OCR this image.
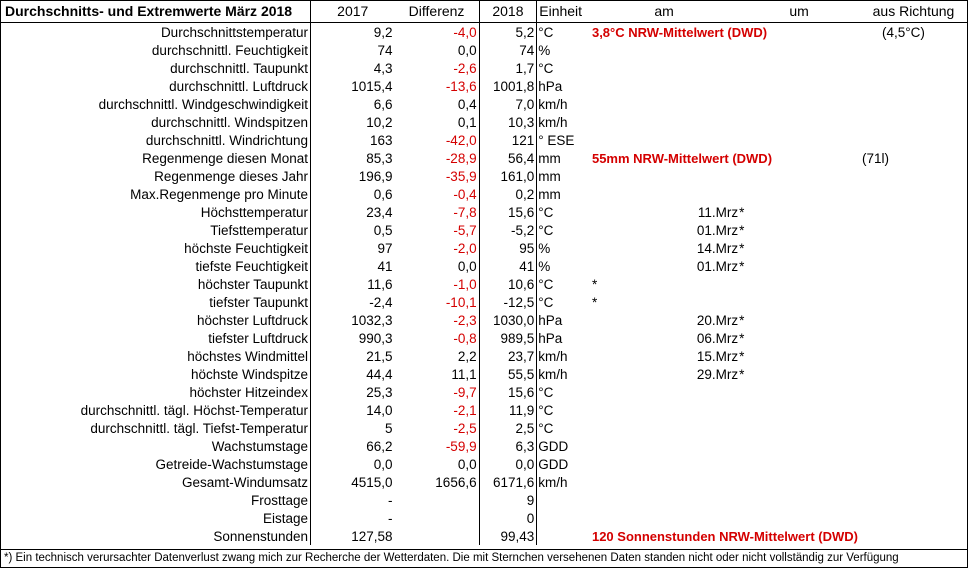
Durchschnitts- und Extremwerte März 2018	2017	Differenz	2018	Einheit	am	um	aus Richtung
Durchschnittstemperatur	9,2	-4,0	5,2	°C	3,8°C NRW-Mittelwert (DWD)		(4,5°C)
durchschnittl. Feuchtigkeit	74	0,0	74	%			
durchschnittl. Taupunkt	4,3	-2,6	1,7	°C			
durchschnittl. Luftdruck	1015,4	-13,6	1001,8	hPa			
durchschnittl. Windgeschwindigkeit	6,6	0,4	7,0	km/h			
durchschnittl. Windspitzen	10,2	0,1	10,3	km/h			
durchschnittl. Windrichtung	163	-42,0	121	° ESE			
Regenmenge diesen Monat	85,3	-28,9	56,4	mm	55mm NRW-Mittelwert (DWD)		(71l)
Regenmenge dieses Jahr	196,9	-35,9	161,0	mm			
Max.Regenmenge pro Minute	0,6	-0,4	0,2	mm			
Höchsttemperatur	23,4	-7,8	15,6	°C	11.Mrz	*	
Tiefsttemperatur	0,5	-5,7	-5,2	°C	01.Mrz	*	
höchste Feuchtigkeit	97	-2,0	95	%	14.Mrz	*	
tiefste Feuchtigkeit	41	0,0	41	%	01.Mrz	*	
höchster Taupunkt	11,6	-1,0	10,6	°C	*		
tiefster Taupunkt	-2,4	-10,1	-12,5	°C	*		
höchster Luftdruck	1032,3	-2,3	1030,0	hPa	20.Mrz	*	
tiefster Luftdruck	990,3	-0,8	989,5	hPa	06.Mrz	*	
höchstes Windmittel	21,5	2,2	23,7	km/h	15.Mrz	*	
höchste Windspitze	44,4	11,1	55,5	km/h	29.Mrz	*	
höchster Hitzeindex	25,3	-9,7	15,6	°C			
durchschnittl. tägl. Höchst-Temperatur	14,0	-2,1	11,9	°C			
durchschnittl. tägl. Tiefst-Temperatur	5	-2,5	2,5	°C			
Wachstumstage	66,2	-59,9	6,3	GDD			
Getreide-Wachstumstage	0,0	0,0	0,0	GDD			
Gesamt-Windumsatz	4515,0	1656,6	6171,6	km/h			
Frosttage	-		9				
Eistage	-		0				
Sonnenstunden	127,58		99,43		120 Sonnenstunden NRW-Mittelwert (DWD)		
*) Ein technisch verursachter Datenverlust zwang mich zur Recherche der Wetterdaten. Die mit Sternchen versehenen Daten standen nicht oder nicht vollständig zur Verfügung
